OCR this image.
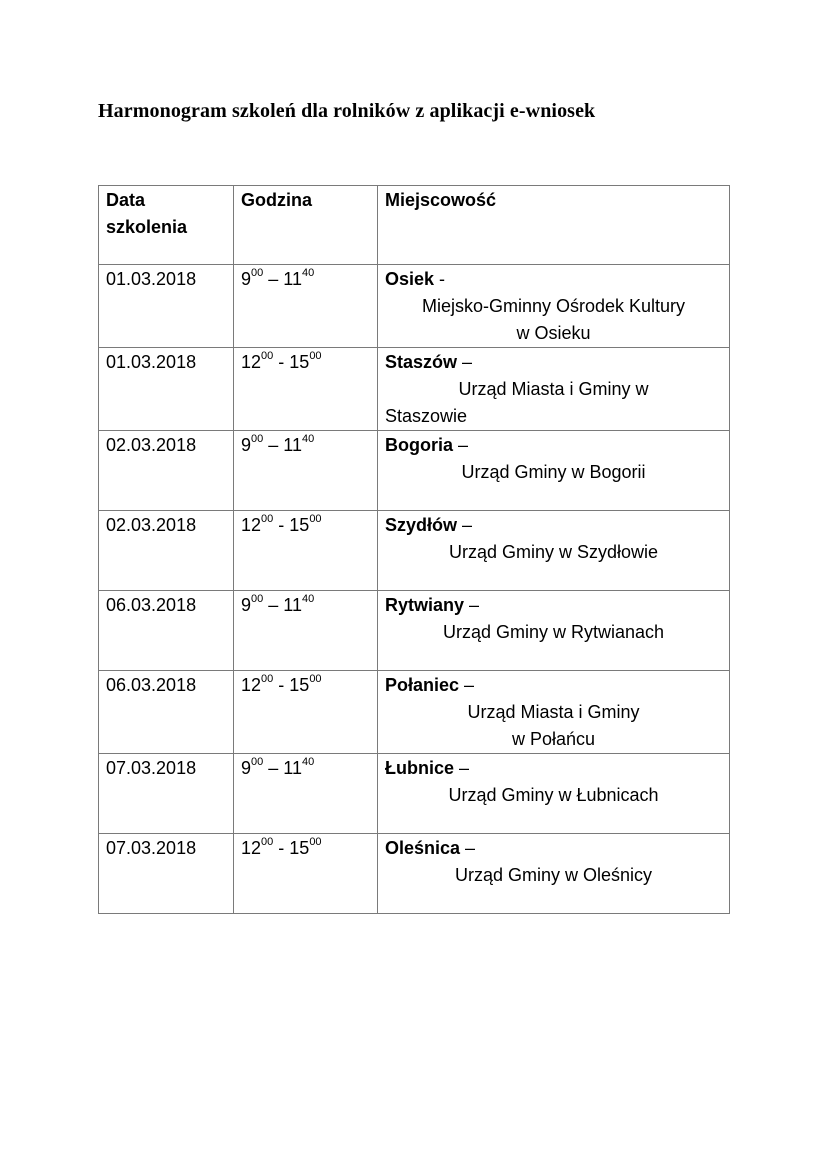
Harmonogram szkoleń dla rolników z aplikacji e-wniosek
Data szkolenia	Godzina	Miejscowość
01.03.2018	$9^{00} - 11^{40}$	Osiek -
Miejsko-Gminny Ośrodek Kultury
w Osieku

01.03.2018	$12^{00} - 15^{00}$	Staszów –
Urząd Miasta i Gminy w
Staszowie

02.03.2018	$9^{00} - 11^{40}$	Bogoria –
Urząd Gminy w Bogorii

02.03.2018	$12^{00} - 15^{00}$	Szydłów –
Urząd Gminy w Szydłowie

06.03.2018	$9^{00} - 11^{40}$	Rytwiany –
Urząd Gminy w Rytwianach

06.03.2018	$12^{00} - 15^{00}$	Połaniec –
Urząd Miasta i Gminy
w Połańcu

07.03.2018	$9^{00} - 11^{40}$	Łubnice –
Urząd Gminy w Łubnicach

07.03.2018	$12^{00} - 15^{00}$	Oleśnica –
Urząd Gminy w Oleśnicy
